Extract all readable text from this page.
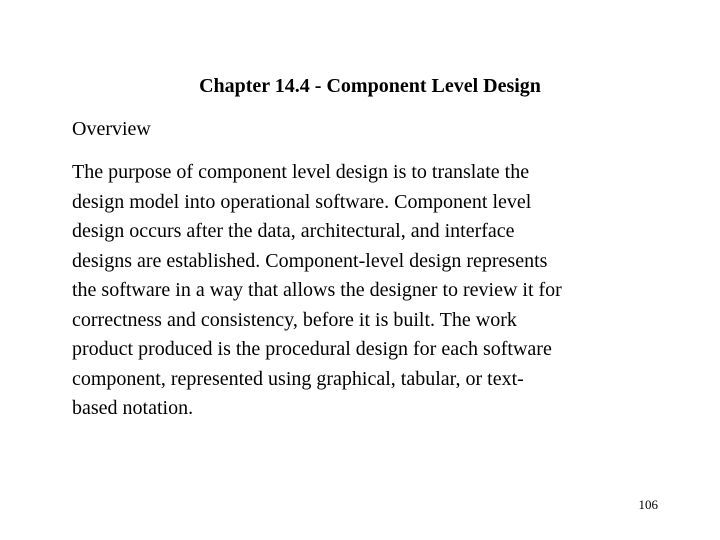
Chapter 14.4 - Component Level Design

Overview

The purpose of component level design is to translate the
design model into operational software. Component level
design occurs after the data, architectural, and interface
designs are established. Component-level design represents
the software in a way that allows the designer to review it for
correctness and consistency, before it is built. The work
product produced is the procedural design for each software
component, represented using graphical, tabular, or text-
based notation.

106
